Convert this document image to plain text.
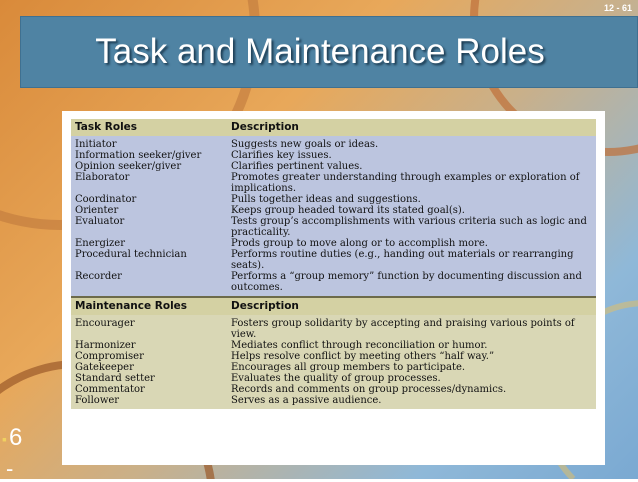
12 - 61
Task and Maintenance Roles
Task Roles	Description
Initiator	Suggests new goals or ideas.
Information seeker/giver	Clarifies key issues.
Opinion seeker/giver	Clarifies pertinent values.
Elaborator	Promotes greater understanding through examples or exploration of implications.
Coordinator	Pulls together ideas and suggestions.
Orienter	Keeps group headed toward its stated goal(s).
Evaluator	Tests group’s accomplishments with various criteria such as logic and practicality.
Energizer	Prods group to move along or to accomplish more.
Procedural technician	Performs routine duties (e.g., handing out materials or rearranging seats).
Recorder	Performs a “group memory” function by documenting discussion and outcomes.
Maintenance Roles	Description
Encourager	Fosters group solidarity by accepting and praising various points of view.
Harmonizer	Mediates conflict through reconciliation or humor.
Compromiser	Helps resolve conflict by meeting others “half way.”
Gatekeeper	Encourages all group members to participate.
Standard setter	Evaluates the quality of group processes.
Commentator	Records and comments on group processes/dynamics.
Follower	Serves as a passive audience.
▪6
-
